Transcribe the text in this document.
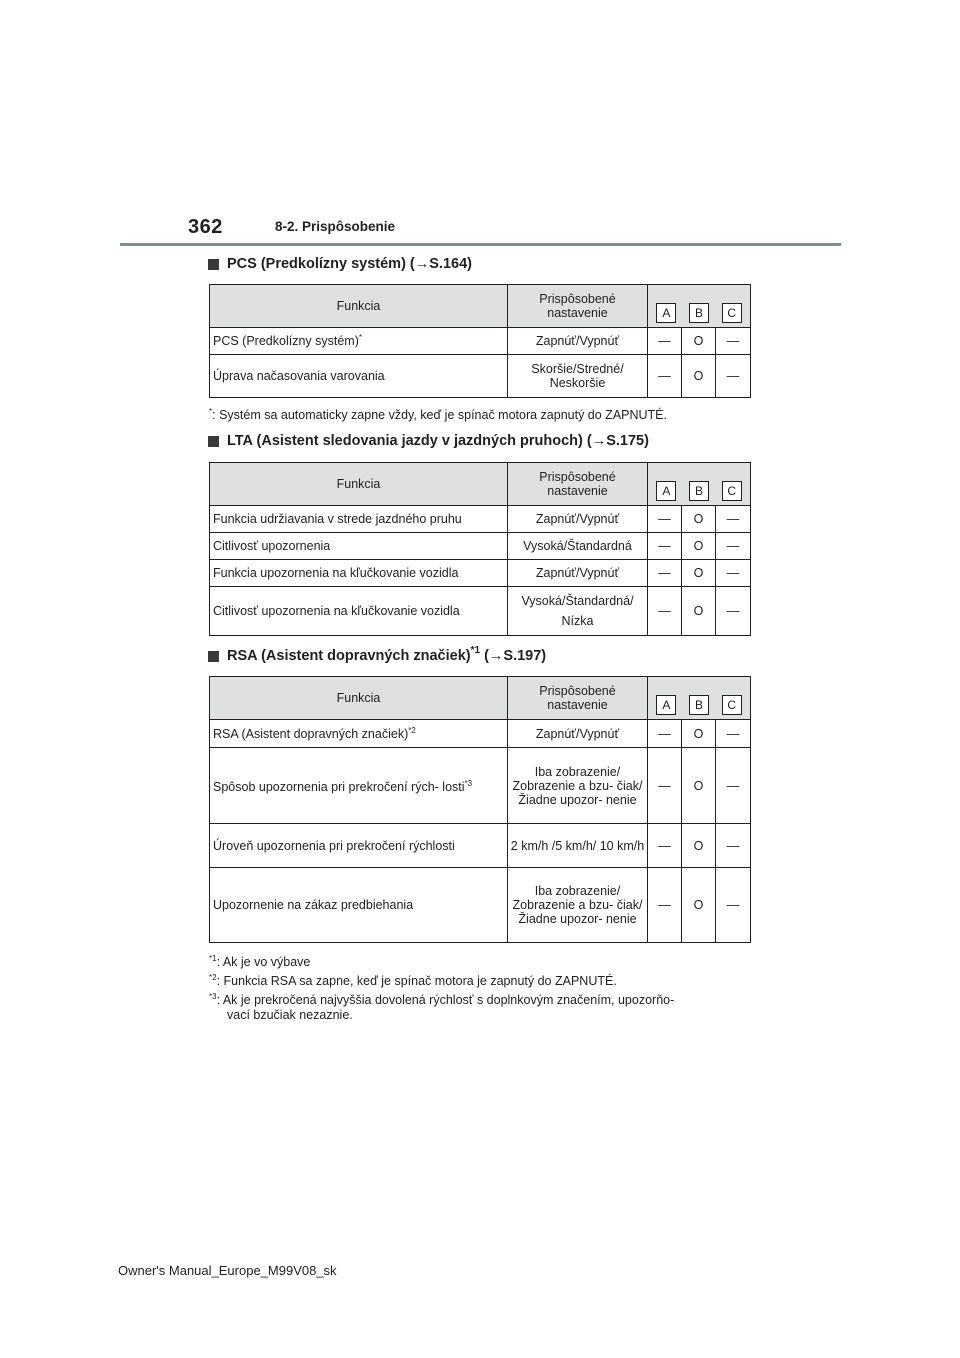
362	8-2. Prispôsobenie
PCS (Predkolízny systém) (→S.164)
Funkcia	Prispôsobené nastavenie	A B C		

PCS (Predkolízny systém)*	Zapnúť/Vypnúť	—	O	—
Úprava načasovania varovania	Skoršie/Stredné/ Neskoršie	—	O	—
*: Systém sa automaticky zapne vždy, keď je spínač motora zapnutý do ZAPNUTÉ.
LTA (Asistent sledovania jazdy v jazdných pruhoch) (→S.175)
Funkcia	Prispôsobené nastavenie	A B C		

Funkcia udržiavania v strede jazdného pruhu	Zapnúť/Vypnúť	—	O	—
Citlivosť upozornenia	Vysoká/Štandardná	—	O	—
Funkcia upozornenia na kľučkovanie vozidla	Zapnúť/Vypnúť	—	O	—
Citlivosť upozornenia na kľučkovanie vozidla	Vysoká/Štandardná/ Nízka	—	O	—
RSA (Asistent dopravných značiek)$^{*1}$ (→S.197)
Funkcia	Prispôsobené nastavenie	A B C		

RSA (Asistent dopravných značiek)$^{*2}$	Zapnúť/Vypnúť	—	O	—
Spôsob upozornenia pri prekročení rých- losti$^{*3}$	Iba zobrazenie/ Zobrazenie a bzu- čiak/Žiadne upozor- nenie	—	O	—
Úroveň upozornenia pri prekročení rýchlosti	2 km/h /5 km/h/ 10 km/h	—	O	—
Upozornenie na zákaz predbiehania	Iba zobrazenie/ Zobrazenie a bzu- čiak/Žiadne upozor- nenie	—	O	—
$^{*1}$: Ak je vo výbave
$^{*2}$: Funkcia RSA sa zapne, keď je spínač motora je zapnutý do ZAPNUTÉ.
$^{*3}$: Ak je prekročená najvyššia dovolená rýchlosť s doplnkovým značením, upozorňo-
vací bzučiak nezaznie.
Owner's Manual_Europe_M99V08_sk
